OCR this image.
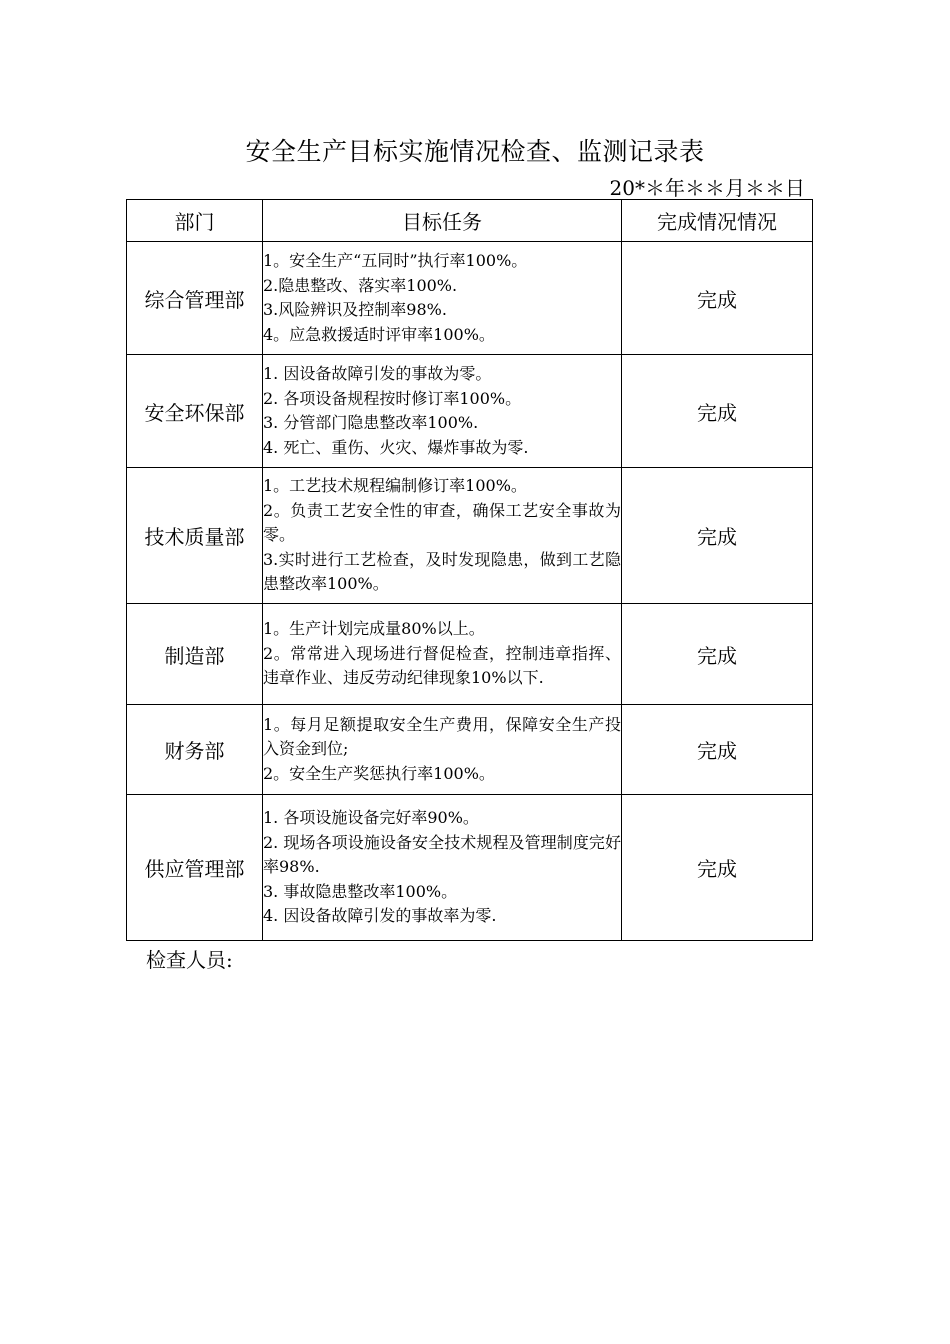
安全生产目标实施情况检查、监测记录表
20*＊年＊＊月＊＊日
部门	目标任务	完成情况情况
综合管理部	1。安全生产“五同时”执行率100%。
2.隐患整改、落实率100%.
3.风险辨识及控制率98%.
4。应急救援适时评审率100%。	完成
安全环保部	1. 因设备故障引发的事故为零。
2. 各项设备规程按时修订率100%。
3. 分管部门隐患整改率100%.
4. 死亡、重伤、火灾、爆炸事故为零.	完成
技术质量部	1。工艺技术规程编制修订率100%。
2。负责工艺安全性的审查，确保工艺安全事故为零。
3.实时进行工艺检查，及时发现隐患，做到工艺隐患整改率100%。	完成
制造部	1。生产计划完成量80%以上。
2。常常进入现场进行督促检查，控制违章指挥、违章作业、违反劳动纪律现象10%以下.	完成
财务部	1。每月足额提取安全生产费用，保障安全生产投入资金到位;
2。安全生产奖惩执行率100%。	完成
供应管理部	1. 各项设施设备完好率90%。
2. 现场各项设施设备安全技术规程及管理制度完好率98%.
3. 事故隐患整改率100%。
4. 因设备故障引发的事故率为零.	完成
检查人员:
